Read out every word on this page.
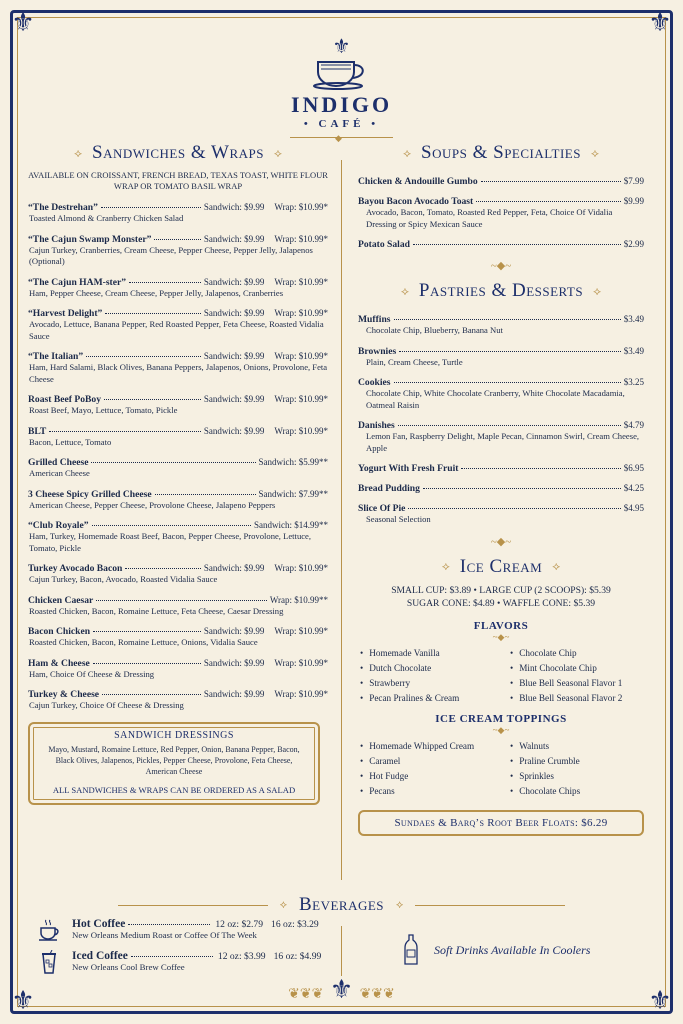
⚜	⚜
⚜	⚜
⚜
INDIGO
• CAFÉ •
◆
⟡ Sandwiches & Wraps ⟡
AVAILABLE ON CROISSANT, FRENCH BREAD, TEXAS TOAST, WHITE FLOUR WRAP OR TOMATO BASIL WRAP
“The Destrehan”	Sandwich: $9.99 Wrap: $10.99*
Toasted Almond & Cranberry Chicken Salad
“The Cajun Swamp Monster”	Sandwich: $9.99 Wrap: $10.99*
Cajun Turkey, Cranberries, Cream Cheese, Pepper Cheese, Pepper Jelly, Jalapenos (Optional)
“The Cajun HAM-ster”	Sandwich: $9.99 Wrap: $10.99*
Ham, Pepper Cheese, Cream Cheese, Pepper Jelly, Jalapenos, Cranberries
“Harvest Delight”	Sandwich: $9.99 Wrap: $10.99*
Avocado, Lettuce, Banana Pepper, Red Roasted Pepper, Feta Cheese, Roasted Vidalia Sauce
“The Italian”	Sandwich: $9.99 Wrap: $10.99*
Ham, Hard Salami, Black Olives, Banana Peppers, Jalapenos, Onions, Provolone, Feta Cheese
Roast Beef PoBoy	Sandwich: $9.99 Wrap: $10.99*
Roast Beef, Mayo, Lettuce, Tomato, Pickle
BLT	Sandwich: $9.99 Wrap: $10.99*
Bacon, Lettuce, Tomato
Grilled Cheese	Sandwich: $5.99**
American Cheese
3 Cheese Spicy Grilled Cheese	Sandwich: $7.99**
American Cheese, Pepper Cheese, Provolone Cheese, Jalapeno Peppers
“Club Royale”	Sandwich: $14.99**
Ham, Turkey, Homemade Roast Beef, Bacon, Pepper Cheese, Provolone, Lettuce, Tomato, Pickle
Turkey Avocado Bacon	Sandwich: $9.99 Wrap: $10.99*
Cajun Turkey, Bacon, Avocado, Roasted Vidalia Sauce
Chicken Caesar	Wrap: $10.99**
Roasted Chicken, Bacon, Romaine Lettuce, Feta Cheese, Caesar Dressing
Bacon Chicken	Sandwich: $9.99 Wrap: $10.99*
Roasted Chicken, Bacon, Romaine Lettuce, Onions, Vidalia Sauce
Ham & Cheese	Sandwich: $9.99 Wrap: $10.99*
Ham, Choice Of Cheese & Dressing
Turkey & Cheese	Sandwich: $9.99 Wrap: $10.99*
Cajun Turkey, Choice Of Cheese & Dressing
SANDWICH DRESSINGS
Mayo, Mustard, Romaine Lettuce, Red Pepper, Onion, Banana Pepper, Bacon, Black Olives, Jalapenos, Pickles, Pepper Cheese, Provolone, Feta Cheese, American Cheese
ALL SANDWICHES & WRAPS CAN BE ORDERED AS A SALAD
⟡ Soups & Specialties ⟡
Chicken & Andouille Gumbo	$7.99
Bayou Bacon Avocado Toast	$9.99
Avocado, Bacon, Tomato, Roasted Red Pepper, Feta, Choice Of Vidalia Dressing or Spicy Mexican Sauce
Potato Salad	$2.99
~◆~
⟡ Pastries & Desserts ⟡
Muffins	$3.49
Chocolate Chip, Blueberry, Banana Nut
Brownies	$3.49
Plain, Cream Cheese, Turtle
Cookies	$3.25
Chocolate Chip, White Chocolate Cranberry, White Chocolate Macadamia, Oatmeal Raisin
Danishes	$4.79
Lemon Fan, Raspberry Delight, Maple Pecan, Cinnamon Swirl, Cream Cheese, Apple
Yogurt With Fresh Fruit	$6.95
Bread Pudding	$4.25
Slice Of Pie	$4.95
Seasonal Selection
~◆~
⟡ Ice Cream ⟡
SMALL CUP: $3.89 • LARGE CUP (2 SCOOPS): $5.39
SUGAR CONE: $4.89 • WAFFLE CONE: $5.39
FLAVORS
~◆~
• Homemade Vanilla	• Chocolate Chip
• Dutch Chocolate	• Mint Chocolate Chip
• Strawberry	• Blue Bell Seasonal Flavor 1
• Pecan Pralines & Cream	• Blue Bell Seasonal Flavor 2
ICE CREAM TOPPINGS
~◆~
• Homemade Whipped Cream	• Walnuts
• Caramel	• Praline Crumble
• Hot Fudge	• Sprinkles
• Pecans	• Chocolate Chips
Sundaes & Barq’s Root Beer Floats: $6.29
⟡ Beverages ⟡
Hot Coffee	12 oz: $2.79 16 oz: $3.29
New Orleans Medium Roast or Coffee Of The Week
Iced Coffee	12 oz: $3.99 16 oz: $4.99
New Orleans Cool Brew Coffee
Soft Drinks Available In Coolers
❦❦❦ ⚜ ❦❦❦
